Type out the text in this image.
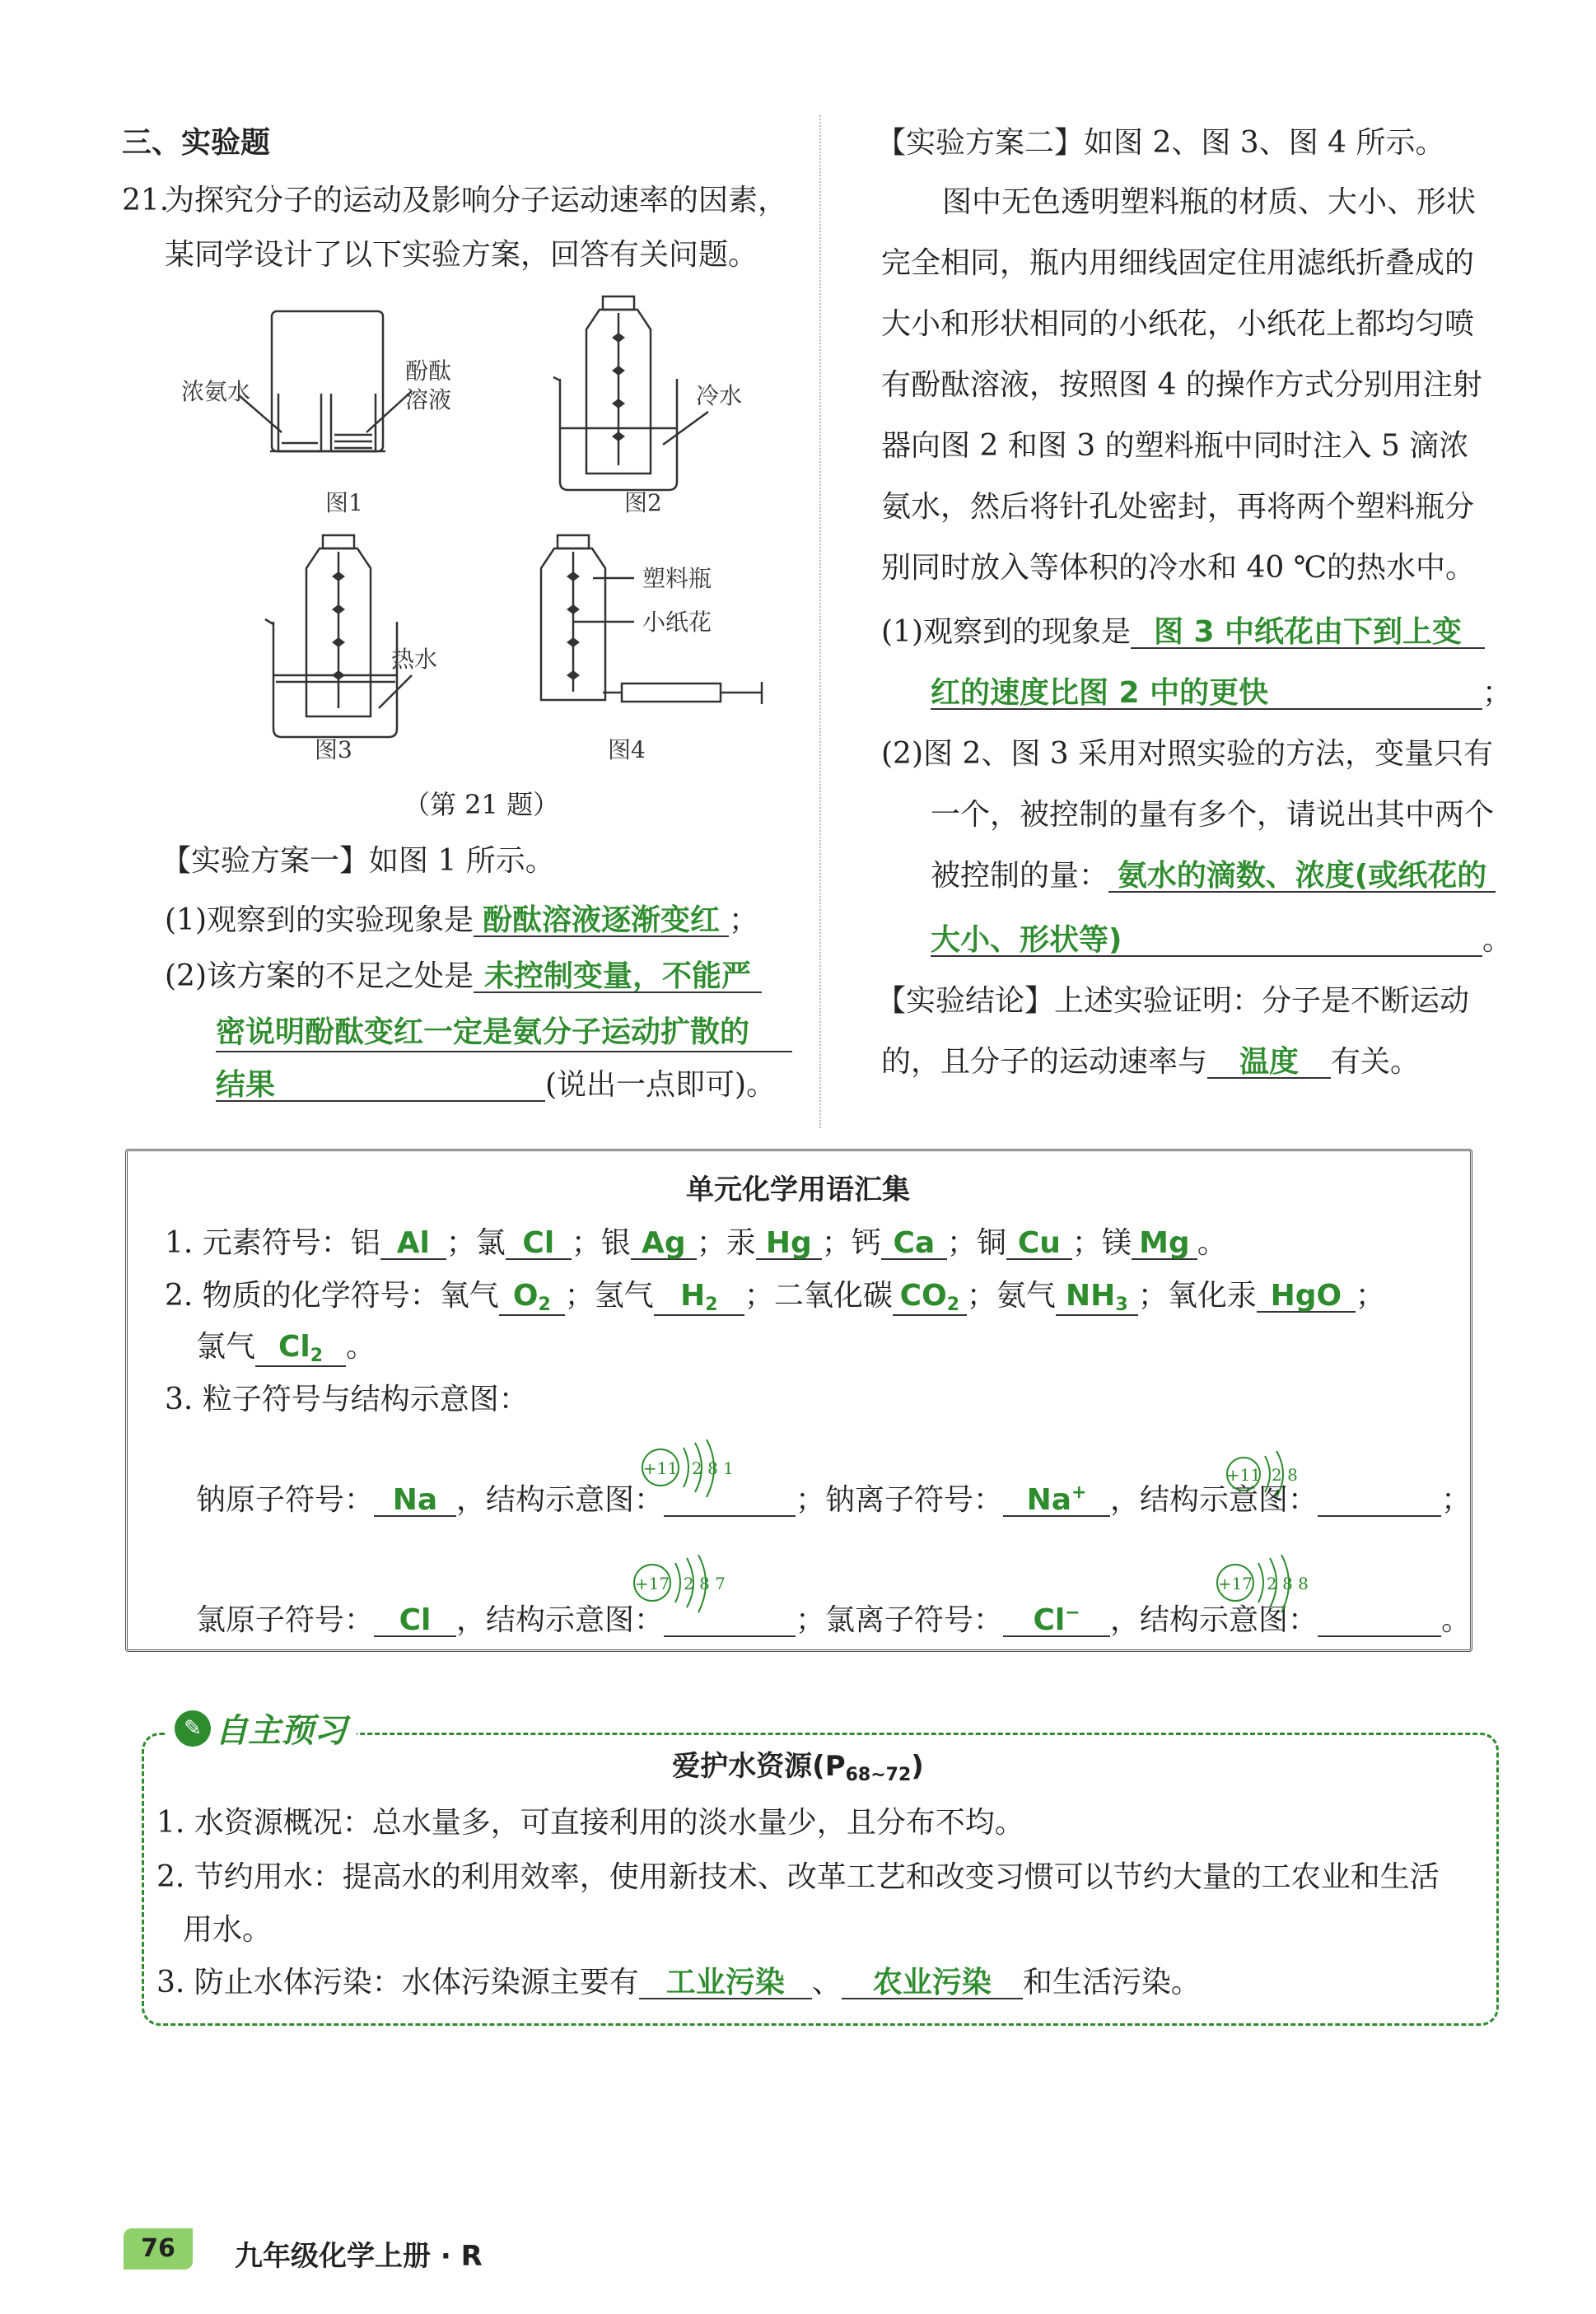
三、实验题
21.
为探究分子的运动及影响分子运动速率的因素，
某同学设计了以下实验方案，回答有关问题。
浓氨水
酚酞
溶液
图1
冷水
图2
热水
图3
塑料瓶
小纸花
图4
（第 21 题）
【实验方案一】如图 1 所示。
(1)观察到的实验现象是 酚酞溶液逐渐变红 ；
(2)该方案的不足之处是 未控制变量，不能严
密说明酚酞变红一定是氨分子运动扩散的
结果	(说出一点即可)。
【实验方案二】如图 2、图 3、图 4 所示。
图中无色透明塑料瓶的材质、大小、形状
完全相同，瓶内用细线固定住用滤纸折叠成的
大小和形状相同的小纸花，小纸花上都均匀喷
有酚酞溶液，按照图 4 的操作方式分别用注射
器向图 2 和图 3 的塑料瓶中同时注入 5 滴浓
氨水，然后将针孔处密封，再将两个塑料瓶分
别同时放入等体积的冷水和 40 ℃的热水中。
(1)观察到的现象是 图 3 中纸花由下到上变
红的速度比图 2 中的更快	；
(2)图 2、图 3 采用对照实验的方法，变量只有
一个，被控制的量有多个，请说出其中两个
被控制的量： 氨水的滴数、浓度(或纸花的
大小、形状等)	。
【实验结论】上述实验证明：分子是不断运动
的，且分子的运动速率与 温度 有关。
单元化学用语汇集
1. 元素符号：铝 Al ；氯 Cl ；银 Ag ；汞 Hg ；钙 Ca ；铜 Cu ；镁 Mg 。
2. 物质的化学符号：氧气 $O_2$ ；氢气 $H_2$ ；二氧化碳 $CO_2$ ；氨气 $NH_3$ ；氧化汞 HgO ；
氯气 $Cl_2$ 。
3. 粒子符号与结构示意图：
钠原子符号： Na ，结构示意图：	；钠离子符号： Na+ ，结构示意图：	；
氯原子符号： Cl ，结构示意图：	；氯离子符号： Cl− ，结构示意图：	。
+11 2 8 1	+11 2 8
+17 2 8 7	+17 2 8 8
✎ 自主预习
爱护水资源$(P_{68\sim 72})$
1. 水资源概况：总水量多，可直接利用的淡水量少，且分布不均。
2. 节约用水：提高水的利用效率，使用新技术、改革工艺和改变习惯可以节约大量的工农业和生活
用水。
3. 防止水体污染：水体污染源主要有 工业污染 、 农业污染 和生活污染。
76	九年级化学上册 · R
